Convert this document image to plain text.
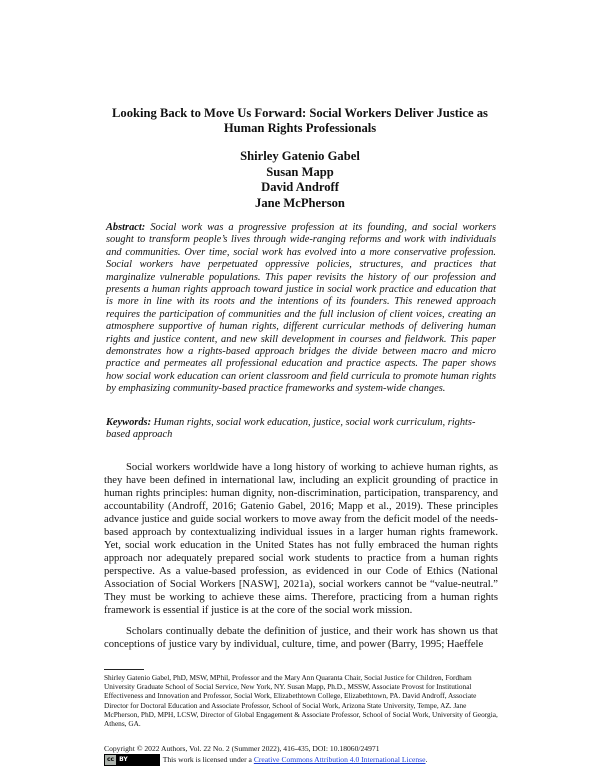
Looking Back to Move Us Forward: Social Workers Deliver Justice as
Human Rights Professionals
Shirley Gatenio Gabel
Susan Mapp
David Androff
Jane McPherson
Abstract: Social work was a progressive profession at its founding, and social workers sought to transform people’s lives through wide-ranging reforms and work with individuals and communities. Over time, social work has evolved into a more conservative profession. Social workers have perpetuated oppressive policies, structures, and practices that marginalize vulnerable populations. This paper revisits the history of our profession and presents a human rights approach toward justice in social work practice and education that is more in line with its roots and the intentions of its founders. This renewed approach requires the participation of communities and the full inclusion of client voices, creating an atmosphere supportive of human rights, different curricular methods of delivering human rights and justice content, and new skill development in courses and fieldwork. This paper demonstrates how a rights-based approach bridges the divide between macro and micro practice and permeates all professional education and practice aspects. The paper shows how social work education can orient classroom and field curricula to promote human rights by emphasizing community-based practice frameworks and system-wide changes.
Keywords: Human rights, social work education, justice, social work curriculum, rights-based approach

Social workers worldwide have a long history of working to achieve human rights, as they have been defined in international law, including an explicit grounding of practice in human rights principles: human dignity, non-discrimination, participation, transparency, and accountability (Androff, 2016; Gatenio Gabel, 2016; Mapp et al., 2019). These principles advance justice and guide social workers to move away from the deficit model of the needs-based approach by contextualizing individual issues in a larger human rights framework. Yet, social work education in the United States has not fully embraced the human rights approach nor adequately prepared social work students to practice from a human rights perspective. As a value-based profession, as evidenced in our Code of Ethics (National Association of Social Workers [NASW], 2021a), social workers cannot be “value-neutral.” They must be working to achieve these aims. Therefore, practicing from a human rights framework is essential if justice is at the core of the social work mission.

Scholars continually debate the definition of justice, and their work has shown us that conceptions of justice vary by individual, culture, time, and power (Barry, 1995; Haeffele

Shirley Gatenio Gabel, PhD, MSW, MPhil, Professor and the Mary Ann Quaranta Chair, Social Justice for Children, Fordham University Graduate School of Social Service, New York, NY. Susan Mapp, Ph.D., MSSW, Associate Provost for Institutional Effectiveness and Innovation and Professor, Social Work, Elizabethtown College, Elizabethtown, PA. David Androff, Associate Director for Doctoral Education and Associate Professor, School of Social Work, Arizona State University, Tempe, AZ. Jane McPherson, PhD, MPH, LCSW, Director of Global Engagement & Associate Professor, School of Social Work, University of Georgia, Athens, GA.
Copyright © 2022 Authors, Vol. 22 No. 2 (Summer 2022), 416-435, DOI: 10.18060/24971
cc BY	This work is licensed under a Creative Commons Attribution 4.0 International License .
